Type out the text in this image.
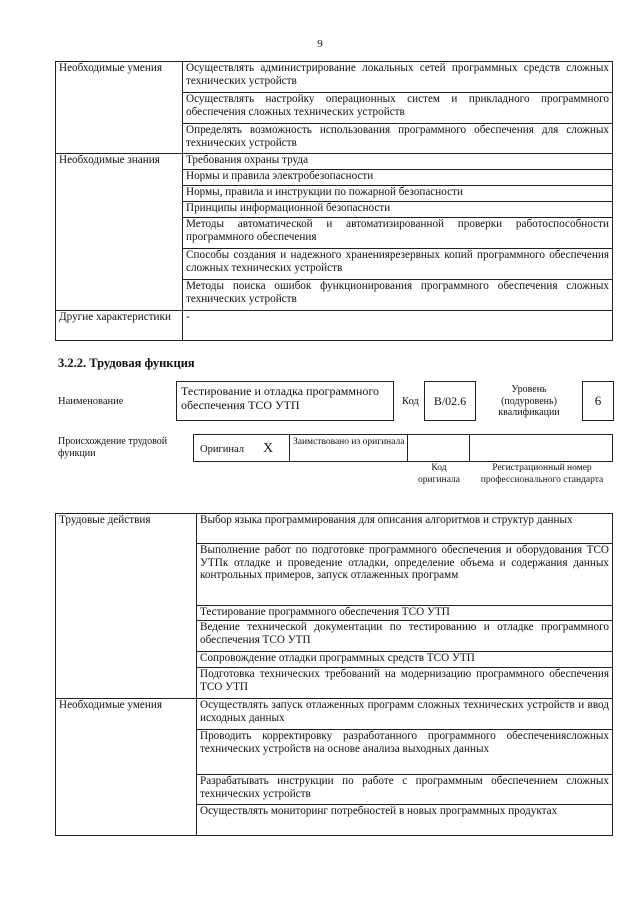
9
Необходимые умения	Осуществлять администрирование локальных сетей программных средств сложных технических устройств
	Осуществлять настройку операционных систем и прикладного программного обеспечения сложных технических устройств
	Определять возможность использования программного обеспечения для сложных технических устройств
Необходимые знания	Требования охраны труда
	Нормы и правила электробезопасности
	Нормы, правила и инструкции по пожарной безопасности
	Принципы информационной безопасности
	Методы автоматической и автоматизированной проверки работоспособности программного обеспечения
	Способы создания и надежного хранениярезервных копий программного обеспечения сложных технических устройств
	Методы поиска ошибок функционирования программного обеспечения сложных технических устройств
Другие характеристики	-
3.2.2. Трудовая функция
Наименование
Тестирование и отладка программного обеспечения ТСО УТП	Код	B/02.6
Уровень (подуровень) квалификации
6
Происхождение трудовой функции	Оригинал X Заимствовано из оригинала
Код оригинала
Регистрационный номер профессионального стандарта
Трудовые действия	Выбор языка программирования для описания алгоритмов и структур данных
	Выполнение работ по подготовке программного обеспечения и оборудования ТСО УТПк отладке и проведение отладки, определение объема и содержания данных контрольных примеров, запуск отлаженных программ
	Тестирование программного обеспечения ТСО УТП
	Ведение технической документации по тестированию и отладке программного обеспечения ТСО УТП
	Сопровождение отладки программных средств ТСО УТП
	Подготовка технических требований на модернизацию программного обеспечения ТСО УТП
Необходимые умения	Осуществлять запуск отлаженных программ сложных технических устройств и ввод исходных данных
	Проводить корректировку разработанного программного обеспечениясложных технических устройств на основе анализа выходных данных
	Разрабатывать инструкции по работе с программным обеспечением сложных технических устройств
	Осуществлять мониторинг потребностей в новых программных продуктах
